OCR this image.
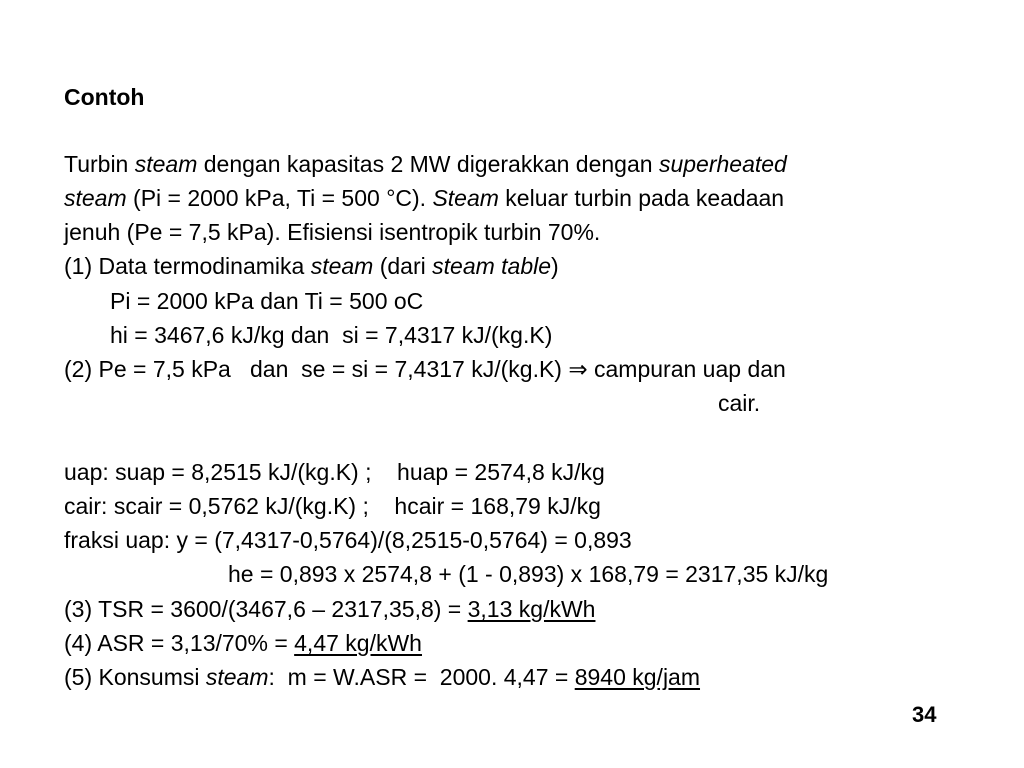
Contoh
Turbin steam dengan kapasitas 2 MW digerakkan dengan superheated
steam (Pi = 2000 kPa, Ti = 500 °C). Steam keluar turbin pada keadaan
jenuh (Pe = 7,5 kPa). Efisiensi isentropik turbin 70%.
(1) Data termodinamika steam (dari steam table)
Pi = 2000 kPa dan Ti = 500 oC
hi = 3467,6 kJ/kg dan  si = 7,4317 kJ/(kg.K)
(2) Pe = 7,5 kPa   dan  se = si = 7,4317 kJ/(kg.K) ⇒ campuran uap dan
cair.
uap: suap = 8,2515 kJ/(kg.K) ;    huap = 2574,8 kJ/kg
cair: scair = 0,5762 kJ/(kg.K) ;    hcair = 168,79 kJ/kg
fraksi uap: y = (7,4317-0,5764)/(8,2515-0,5764) = 0,893
he = 0,893 x 2574,8 + (1 - 0,893) x 168,79 = 2317,35 kJ/kg
(3) TSR = 3600/(3467,6 – 2317,35,8) = 3,13 kg/kWh
(4) ASR = 3,13/70% = 4,47 kg/kWh
(5) Konsumsi steam:  m = W.ASR =  2000. 4,47 = 8940 kg/jam
34
